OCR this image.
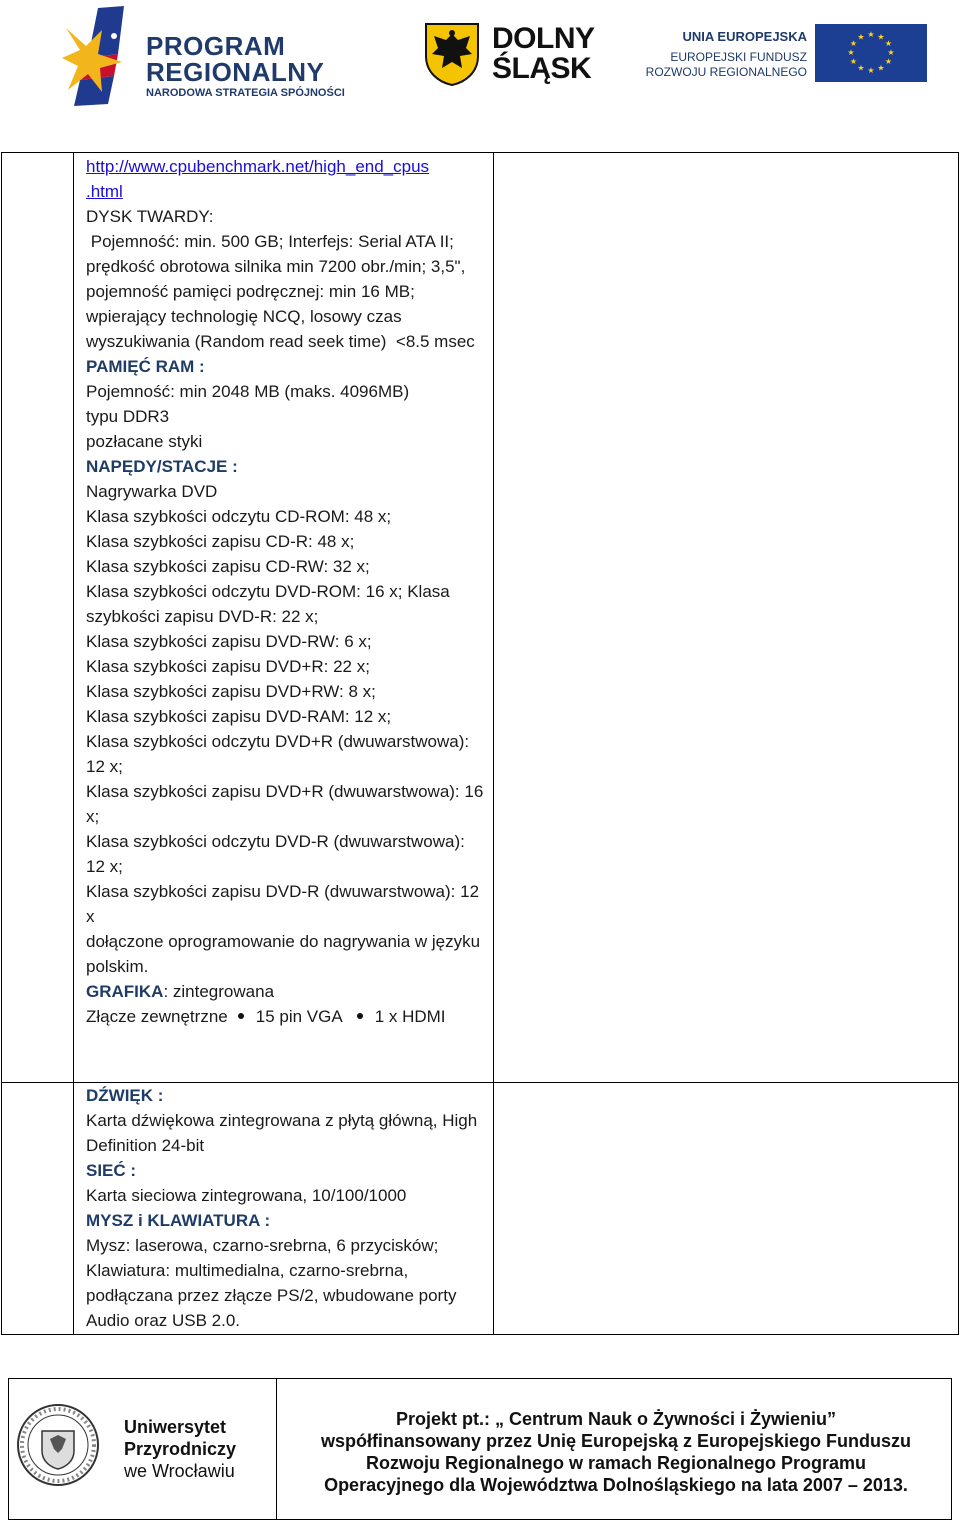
PROGRAM
REGIONALNY
NARODOWA STRATEGIA SPÓJNOŚCI
DOLNY
ŚLĄSK
UNIA EUROPEJSKA
EUROPEJSKI FUNDUSZ
ROZWOJU REGIONALNEGO
★ ★
★
★
★
★
★
★
★
★
★
★

http://www.cpubenchmark.net/high_end_cpus
.html

DYSK TWARDY:

Pojemność: min. 500 GB; Interfejs: Serial ATA II; prędkość obrotowa silnika min 7200 obr./min; 3,5", pojemność pamięci podręcznej: min 16 MB; wpierający technologię NCQ, losowy czas wyszukiwania (Random read seek time)  <8.5 msec

PAMIĘĆ RAM :

Pojemność: min 2048 MB (maks. 4096MB)

typu DDR3

pozłacane styki

NAPĘDY/STACJE :

Nagrywarka DVD

Klasa szybkości odczytu CD-ROM: 48 x;

Klasa szybkości zapisu CD-R: 48 x;

Klasa szybkości zapisu CD-RW: 32 x;

Klasa szybkości odczytu DVD-ROM: 16 x; Klasa szybkości zapisu DVD-R: 22 x;

Klasa szybkości zapisu DVD-RW: 6 x;

Klasa szybkości zapisu DVD+R: 22 x;

Klasa szybkości zapisu DVD+RW: 8 x;

Klasa szybkości zapisu DVD-RAM: 12 x;

Klasa szybkości odczytu DVD+R (dwuwarstwowa): 12 x;

Klasa szybkości zapisu DVD+R (dwuwarstwowa): 16 x;

Klasa szybkości odczytu DVD-R (dwuwarstwowa): 12 x;

Klasa szybkości zapisu DVD-R (dwuwarstwowa): 12 x

dołączone oprogramowanie do nagrywania w języku polskim.

GRAFIKA: zintegrowana

Złącze zewnętrzne 15 pin VGA 1 x HDMI

DŹWIĘK :

Karta dźwiękowa zintegrowana z płytą główną, High Definition 24-bit

SIEĆ :

Karta sieciowa zintegrowana, 10/100/1000

MYSZ i KLAWIATURA :

Mysz: laserowa, czarno-srebrna, 6 przycisków;

Klawiatura: multimedialna, czarno-srebrna, podłączana przez złącze PS/2, wbudowane porty Audio oraz USB 2.0.

Uniwersytet
Przyrodniczy
we Wrocławiu
Projekt pt.: „ Centrum Nauk o Żywności i Żywieniu”
współfinansowany przez Unię Europejską z Europejskiego Funduszu
Rozwoju Regionalnego w ramach Regionalnego Programu
Operacyjnego dla Województwa Dolnośląskiego na lata 2007 – 2013.
